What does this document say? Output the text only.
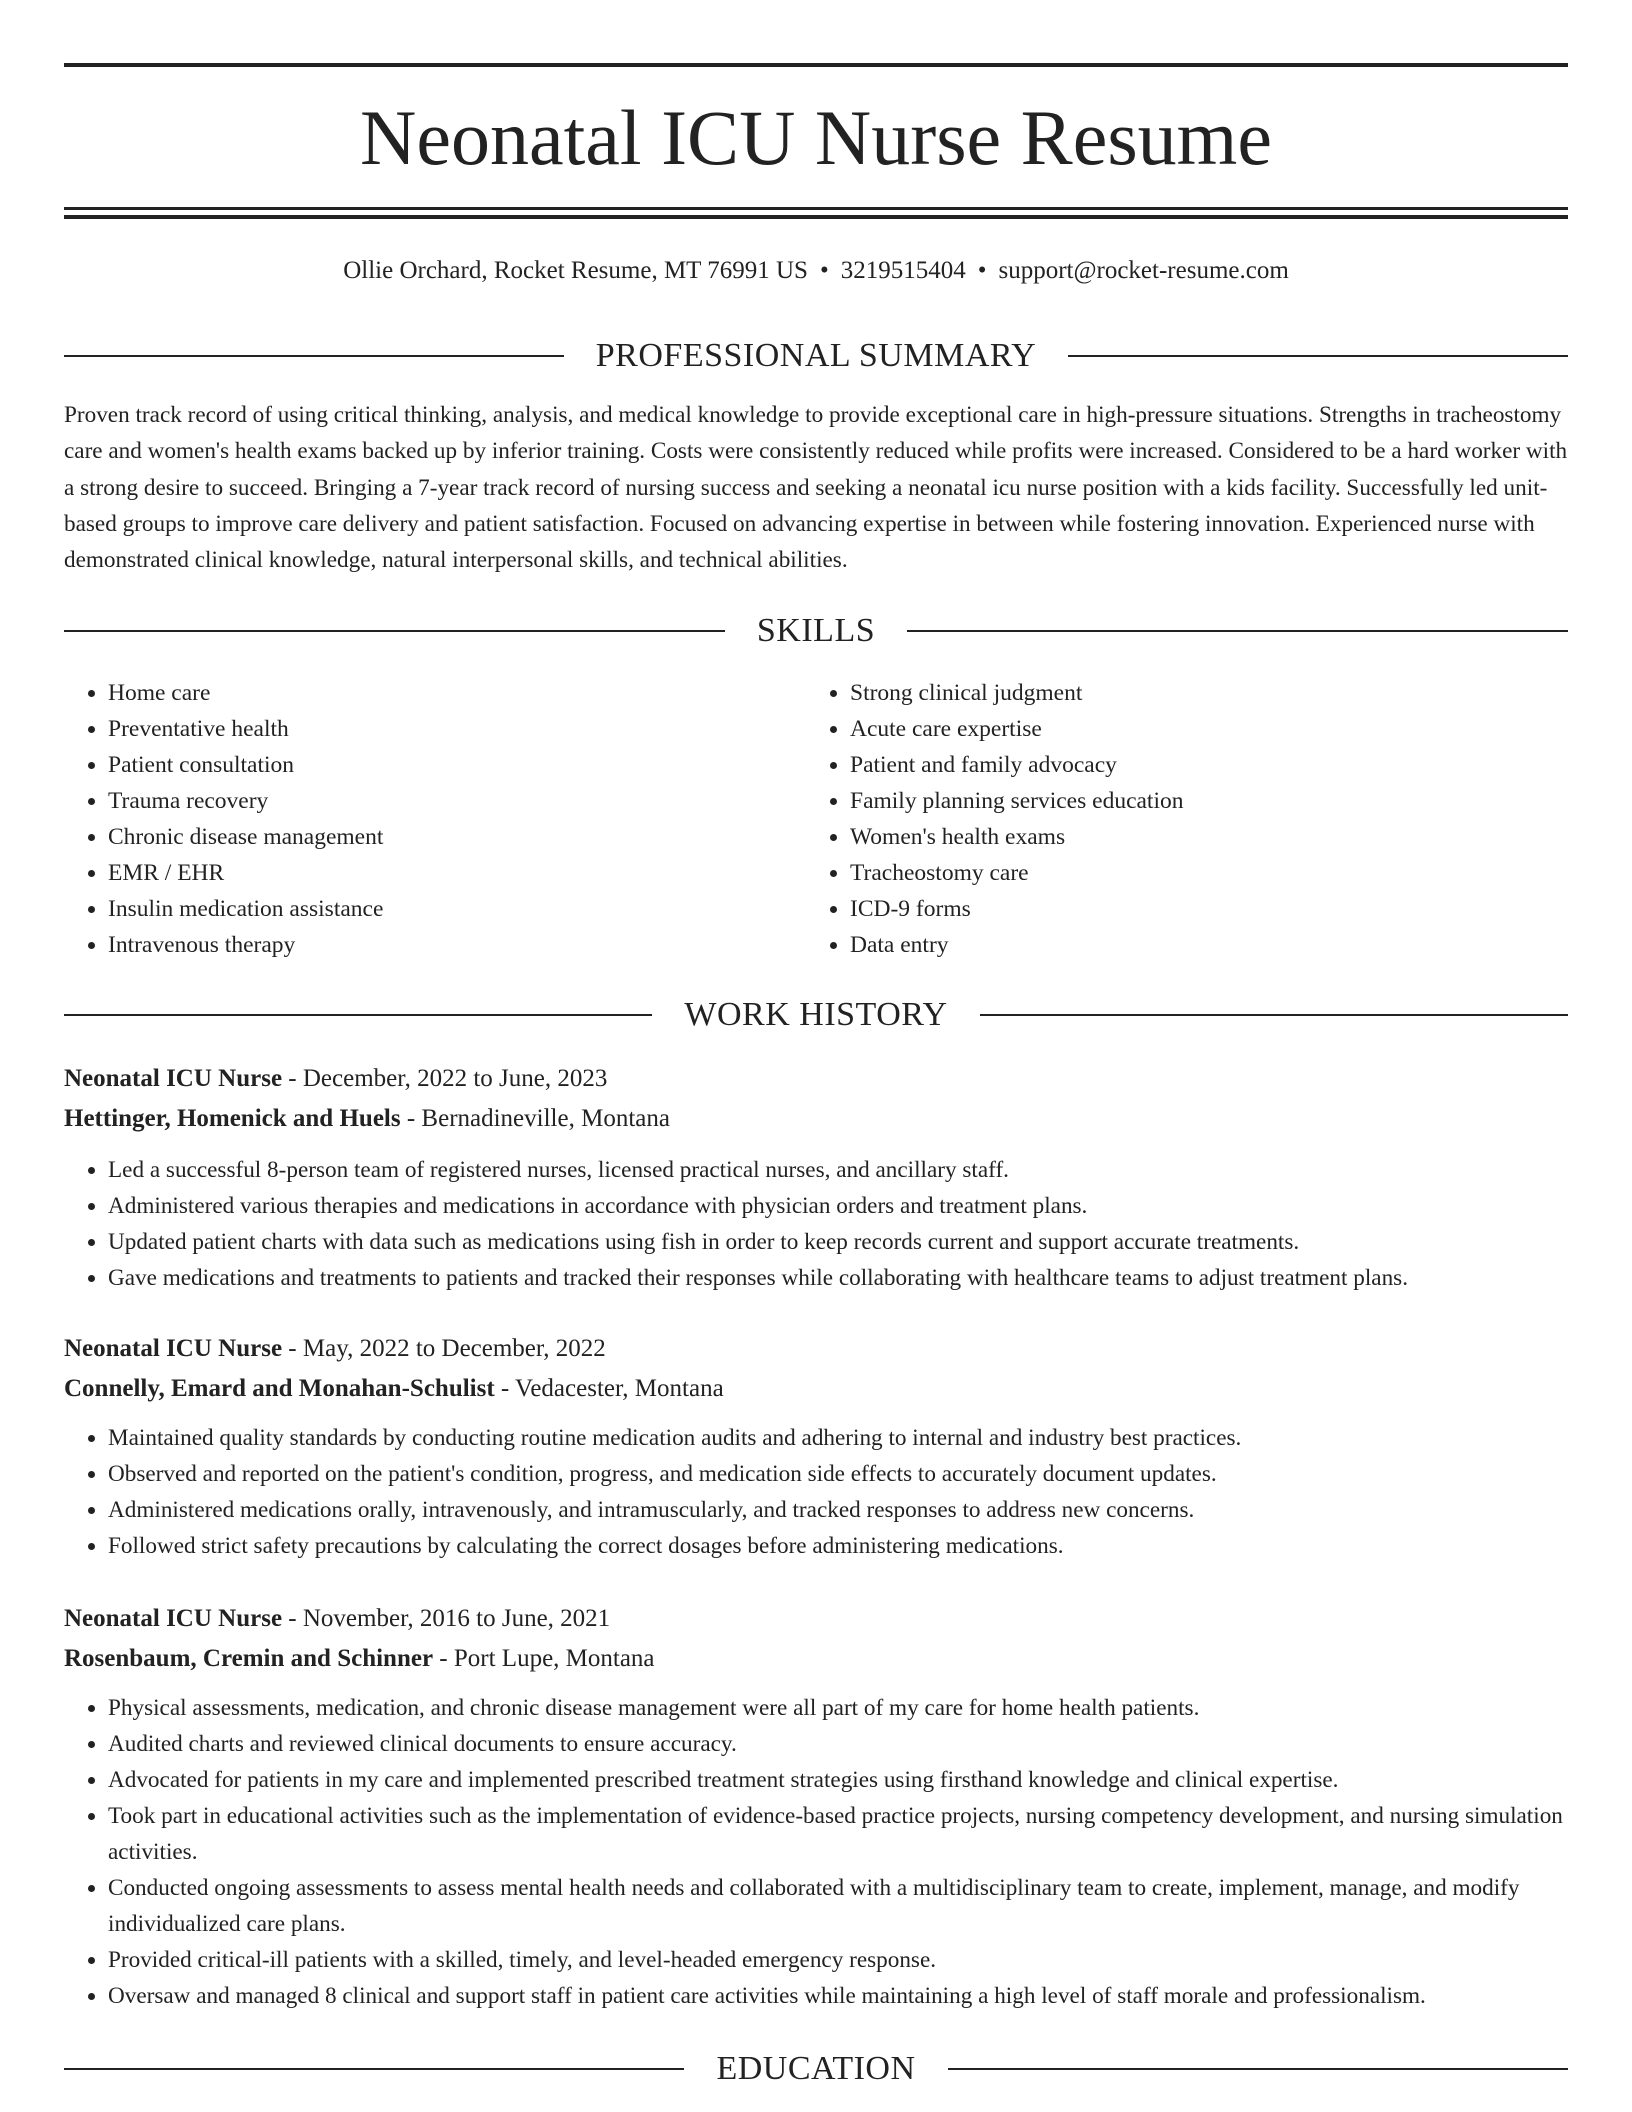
Neonatal ICU Nurse Resume
Ollie Orchard, Rocket Resume, MT 76991 US • 3219515404 • support@rocket-resume.com
PROFESSIONAL SUMMARY

Proven track record of using critical thinking, analysis, and medical knowledge to provide exceptional care in high-pressure situations. Strengths in tracheostomy care and women's health exams backed up by inferior training. Costs were consistently reduced while profits were increased. Considered to be a hard worker with a strong desire to succeed. Bringing a 7-year track record of nursing success and seeking a neonatal icu nurse position with a kids facility. Successfully led unit-based groups to improve care delivery and patient satisfaction. Focused on advancing expertise in between while fostering innovation. Experienced nurse with demonstrated clinical knowledge, natural interpersonal skills, and technical abilities.

SKILLS
• Home care
• Preventative health
• Patient consultation
• Trauma recovery
• Chronic disease management
• EMR / EHR
• Insulin medication assistance
• Intravenous therapy
• Strong clinical judgment
• Acute care expertise
• Patient and family advocacy
• Family planning services education
• Women's health exams
• Tracheostomy care
• ICD-9 forms
• Data entry
WORK HISTORY
Neonatal ICU Nurse - December, 2022 to June, 2023
Hettinger, Homenick and Huels - Bernadineville, Montana
• Led a successful 8-person team of registered nurses, licensed practical nurses, and ancillary staff.
• Administered various therapies and medications in accordance with physician orders and treatment plans.
• Updated patient charts with data such as medications using fish in order to keep records current and support accurate treatments.
• Gave medications and treatments to patients and tracked their responses while collaborating with healthcare teams to adjust treatment plans.
Neonatal ICU Nurse - May, 2022 to December, 2022
Connelly, Emard and Monahan-Schulist - Vedacester, Montana
• Maintained quality standards by conducting routine medication audits and adhering to internal and industry best practices.
• Observed and reported on the patient's condition, progress, and medication side effects to accurately document updates.
• Administered medications orally, intravenously, and intramuscularly, and tracked responses to address new concerns.
• Followed strict safety precautions by calculating the correct dosages before administering medications.
Neonatal ICU Nurse - November, 2016 to June, 2021
Rosenbaum, Cremin and Schinner - Port Lupe, Montana
• Physical assessments, medication, and chronic disease management were all part of my care for home health patients.
• Audited charts and reviewed clinical documents to ensure accuracy.
• Advocated for patients in my care and implemented prescribed treatment strategies using firsthand knowledge and clinical expertise.
• Took part in educational activities such as the implementation of evidence-based practice projects, nursing competency development, and nursing simulation activities.
• Conducted ongoing assessments to assess mental health needs and collaborated with a multidisciplinary team to create, implement, manage, and modify individualized care plans.
• Provided critical-ill patients with a skilled, timely, and level-headed emergency response.
• Oversaw and managed 8 clinical and support staff in patient care activities while maintaining a high level of staff morale and professionalism.
EDUCATION
